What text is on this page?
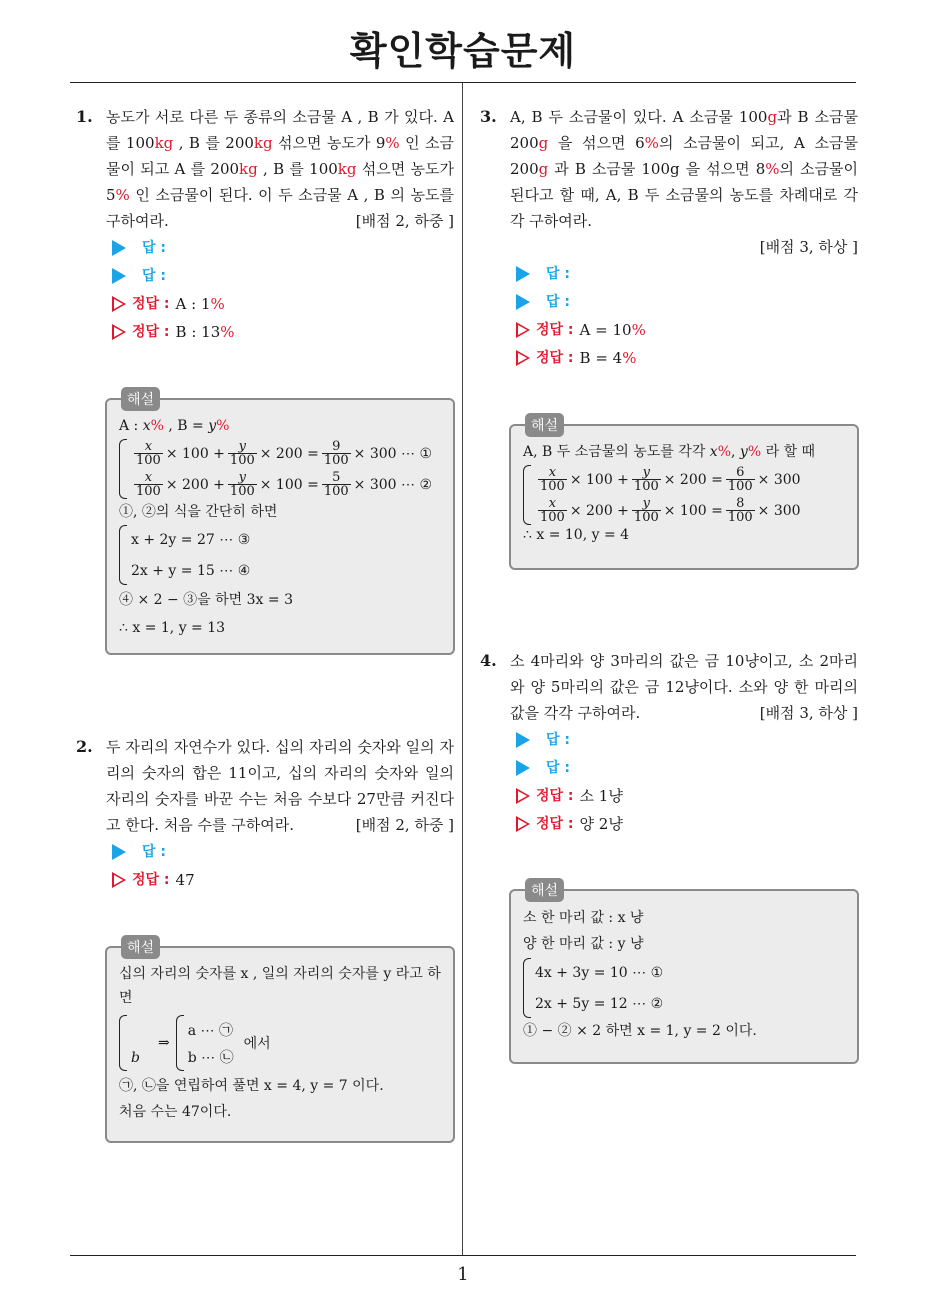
확인학습문제
1. 농도가 서로 다른 두 종류의 소금물 A , B 가 있다. A 를 100kg , B 를 200kg 섞으면 농도가 9% 인 소금물이 되고 A 를 200kg , B 를 100kg 섞으면 농도가 5% 인 소금물이 된다. 이 두 소금물 A , B 의 농도를 구하여라.	[배점 2, 하중 ]
답 :
답 :
정답 : A : 1 %
정답 : B : 13 %
해설
A : x% , B = y%
$\frac{x}{100} \times 100 + \frac{y}{100} \times 200 = \frac{9}{100} \times 300$ ⋯ ①
$\frac{x}{100} \times 200 + \frac{y}{100} \times 100 = \frac{5}{100} \times 300$ ⋯ ②
①, ②의 식을 간단히 하면
x + 2y = 27 ⋯ ③
2x + y = 15 ⋯ ④
④ × 2 − ③을 하면 3x = 3
∴ x = 1, y = 13
2. 두 자리의 자연수가 있다. 십의 자리의 숫자와 일의 자리의 숫자의 합은 11이고, 십의 자리의 숫자와 일의 자리의 숫자를 바꾼 수는 처음 수보다 27만큼 커진다고 한다. 처음 수를 구하여라.	[배점 2, 하중 ]
답 :
정답 : 47
해설
십의 자리의 숫자를 x , 일의 자리의 숫자를 y 라고 하면
b
⇒
a ⋯ ㉠
b ⋯ ㉡
에서
㉠, ㉡을 연립하여 풀면 x = 4, y = 7 이다.
처음 수는 47이다.
3. A, B 두 소금물이 있다. A 소금물 100g과 B 소금물 200g 을 섞으면 6%의 소금물이 되고, A 소금물 200g 과 B 소금물 100g 을 섞으면 8%의 소금물이 된다고 할 때, A, B 두 소금물의 농도를 차례대로 각각 구하여라.
[배점 3, 하상 ]
답 :
답 :
정답 : A = 10 %
정답 : B = 4 %
해설
A, B 두 소금물의 농도를 각각 x%, y% 라 할 때
$\frac{x}{100} \times 100 + \frac{y}{100} \times 200 = \frac{6}{100} \times 300$
$\frac{x}{100} \times 200 + \frac{y}{100} \times 100 = \frac{8}{100} \times 300$
∴ x = 10, y = 4
4. 소 4마리와 양 3마리의 값은 금 10냥이고, 소 2마리와 양 5마리의 값은 금 12냥이다. 소와 양 한 마리의 값을 각각 구하여라.	[배점 3, 하상 ]
답 :
답 :
정답 : 소 1냥
정답 : 양 2냥
해설
소 한 마리 값 : x 냥
양 한 마리 값 : y 냥
4x + 3y = 10 ⋯ ①
2x + 5y = 12 ⋯ ②
① − ② × 2 하면 x = 1, y = 2 이다.
1
